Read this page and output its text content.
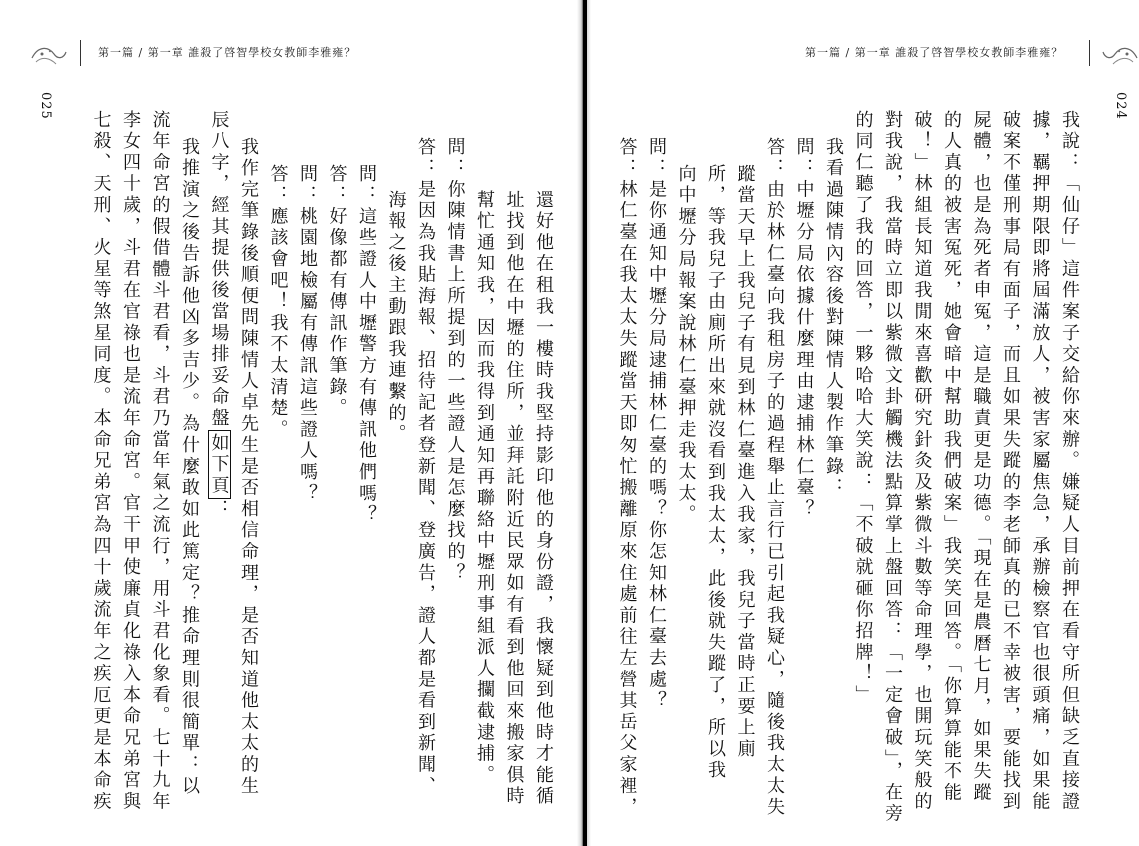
第一篇 / 第一章 誰殺了啓智學校女教師李雅雍？
025
還好他在租我一樓時我堅持影印他的身份證，我懷疑到他時才能循
址找到他在中壢的住所，並拜託附近民眾如有看到他回來搬家俱時
幫忙通知我，因而我得到通知再聯絡中壢刑事組派人攔截逮捕。
問：你陳情書上所提到的一些證人是怎麼找的？
答：是因為我貼海報、招待記者登新聞、登廣告，證人都是看到新聞、
海報之後主動跟我連繫的。
問：這些證人中壢警方有傳訊他們嗎？
答：好像都有傳訊作筆錄。
問：桃園地檢屬有傳訊這些證人嗎？
答：應該會吧！我不太清楚。
我作完筆錄後順便問陳情人卓先生是否相信命理，是否知道他太太的生
辰八字，經其提供後當場排妥命盤如下頁：
我推演之後告訴他凶多吉少。為什麼敢如此篤定？推命理則很簡單：以
流年命宮的假借體斗君看，斗君乃當年氣之流行，用斗君化象看。七十九年
李女四十歲，斗君在官祿也是流年命宮。官干甲使廉貞化祿入本命兄弟宮與
七殺、天刑、火星等煞星同度。本命兄弟宮為四十歲流年之疾厄更是本命疾
第一篇 / 第一章 誰殺了啓智學校女教師李雅雍？
024
我說：「仙仔」這件案子交給你來辦。嫌疑人目前押在看守所但缺乏直接證
據，羈押期限即將屆滿放人，被害家屬焦急，承辦檢察官也很頭痛，如果能
破案不僅刑事局有面子，而且如果失蹤的李老師真的已不幸被害，要能找到
屍體，也是為死者申冤，這是職責更是功德。「現在是農曆七月，如果失蹤
的人真的被害冤死，她會暗中幫助我們破案」我笑笑回答。「你算算能不能
破！」林組長知道我閒來喜歡研究針灸及紫微斗數等命理學，也開玩笑般的
對我說，我當時立即以紫微文卦觸機法點算掌上盤回答：「一定會破」，在旁
的同仁聽了我的回答，一夥哈哈大笑說：「不破就砸你招牌！」
我看過陳情內容後對陳情人製作筆錄：
問：中壢分局依據什麼理由逮捕林仁臺？
答：由於林仁臺向我租房子的過程舉止言行已引起我疑心，隨後我太太失
蹤當天早上我兒子有見到林仁臺進入我家，我兒子當時正要上廁
所，等我兒子由廁所出來就沒看到我太太，此後就失蹤了，所以我
向中壢分局報案說林仁臺押走我太太。
問：是你通知中壢分局逮捕林仁臺的嗎？你怎知林仁臺去處？
答：林仁臺在我太太失蹤當天即匆忙搬離原來住處前往左營其岳父家裡，
